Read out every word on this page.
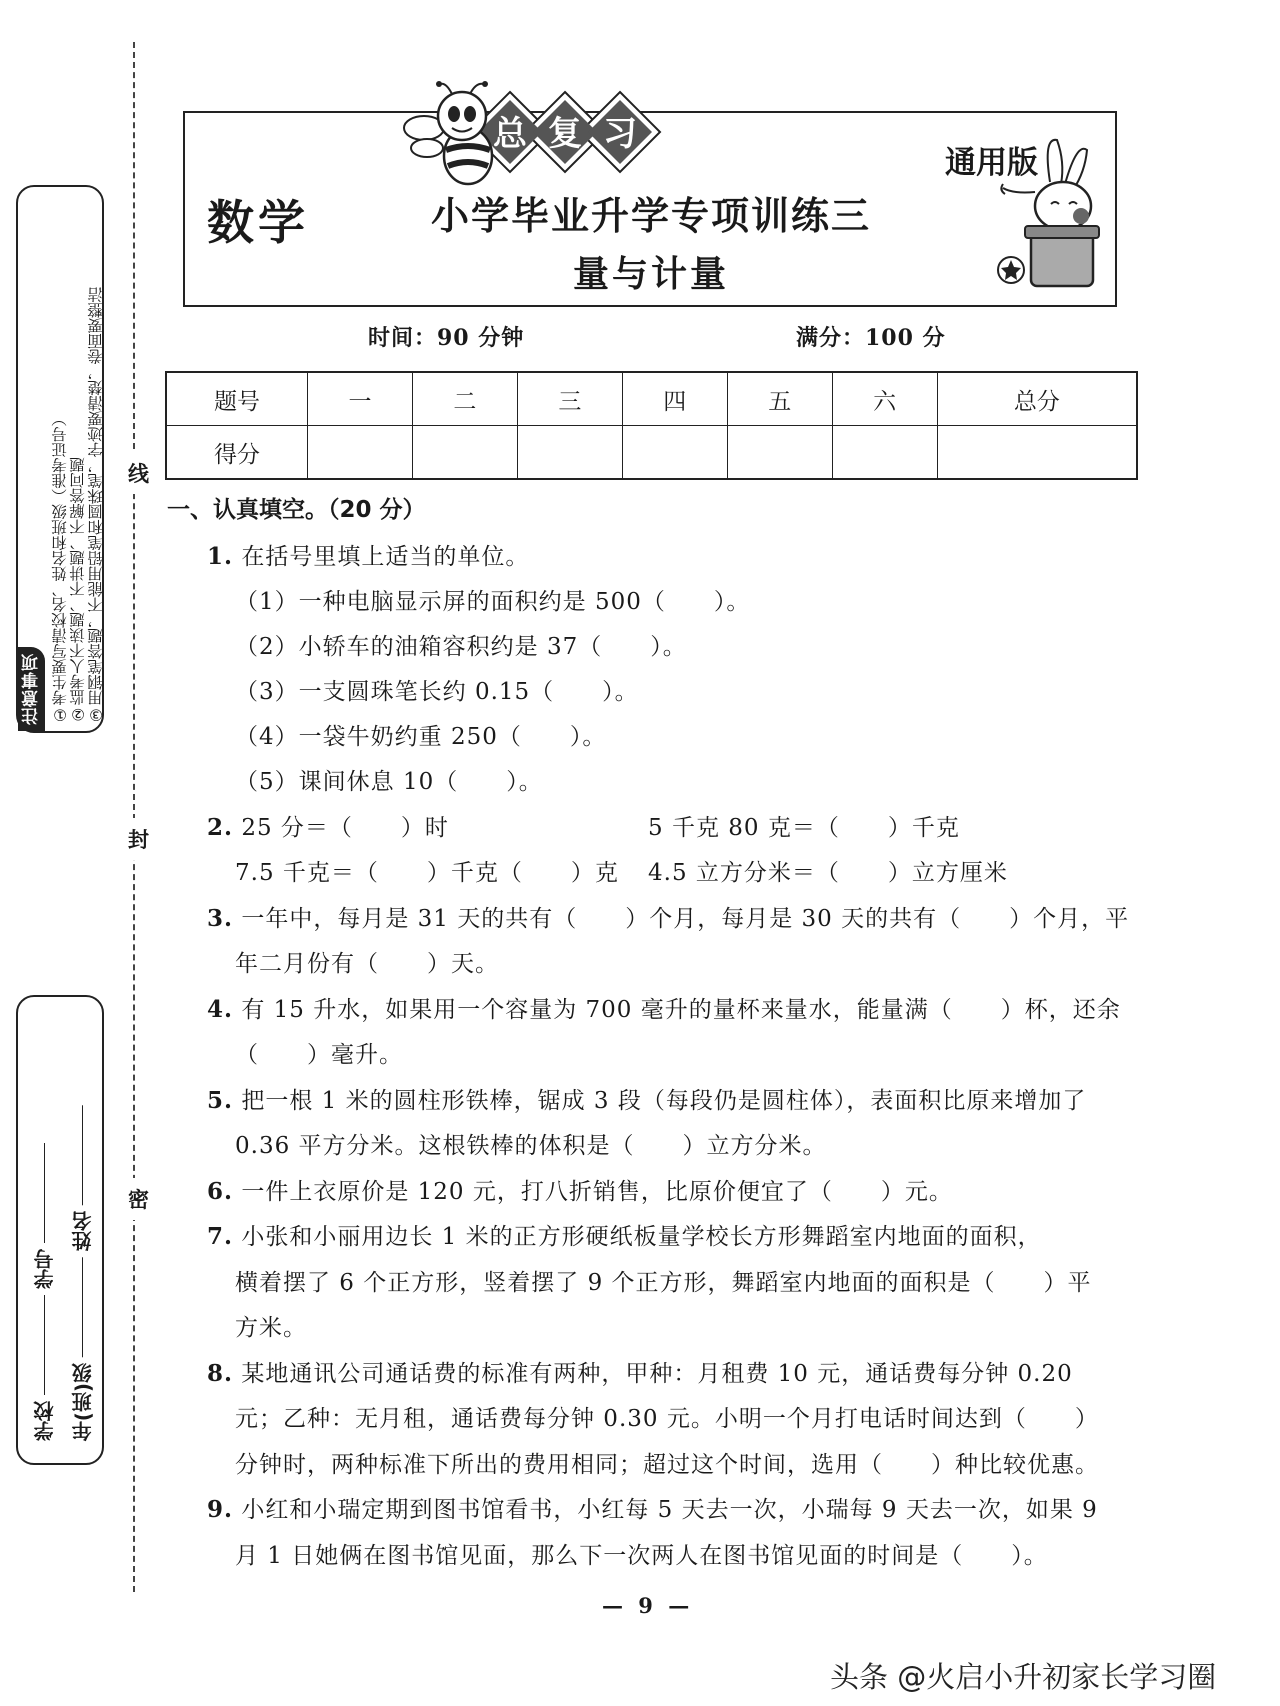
线
封
密
注意事项 ①考生要写清校名、姓名和班级（准考证号） ②监考人不读题、不讲题、不解答问题 ③用钢笔答题，不能用铅笔和圆珠笔，字迹要清楚，卷面要整洁
学校学号
年(班)级姓名
数学	小学毕业升学专项训练三
量与计量
通用版
总 复 习
时间：90 分钟	满分：100 分
题号	一	二	三	四	五	六	总分
得分							
一、认真填空。（20 分）
1. 在括号里填上适当的单位。
（1）一种电脑显示屏的面积约是 500（　　）。
（2）小轿车的油箱容积约是 37（　　）。
（3）一支圆珠笔长约 0.15（　　）。
（4）一袋牛奶约重 250（　　）。
（5）课间休息 10（　　）。
2. 25 分＝（　　）时	5 千克 80 克＝（　　）千克
7.5 千克＝（　　）千克（　　）克 4.5 立方分米＝（　　）立方厘米
3. 一年中，每月是 31 天的共有（　　）个月，每月是 30 天的共有（　　）个月，平
年二月份有（　　）天。
4. 有 15 升水，如果用一个容量为 700 毫升的量杯来量水，能量满（　　）杯，还余
（　　）毫升。
5. 把一根 1 米的圆柱形铁棒，锯成 3 段（每段仍是圆柱体），表面积比原来增加了
0.36 平方分米。这根铁棒的体积是（　　）立方分米。
6. 一件上衣原价是 120 元，打八折销售，比原价便宜了（　　）元。
7. 小张和小丽用边长 1 米的正方形硬纸板量学校长方形舞蹈室内地面的面积，
横着摆了 6 个正方形，竖着摆了 9 个正方形，舞蹈室内地面的面积是（　　）平
方米。
8. 某地通讯公司通话费的标准有两种，甲种：月租费 10 元，通话费每分钟 0.20
元；乙种：无月租，通话费每分钟 0.30 元。小明一个月打电话时间达到（　　）
分钟时，两种标准下所出的费用相同；超过这个时间，选用（　　）种比较优惠。
9. 小红和小瑞定期到图书馆看书，小红每 5 天去一次，小瑞每 9 天去一次，如果 9
月 1 日她俩在图书馆见面，那么下一次两人在图书馆见面的时间是（　　）。
— 9 —
头条 @火启小升初家长学习圈
